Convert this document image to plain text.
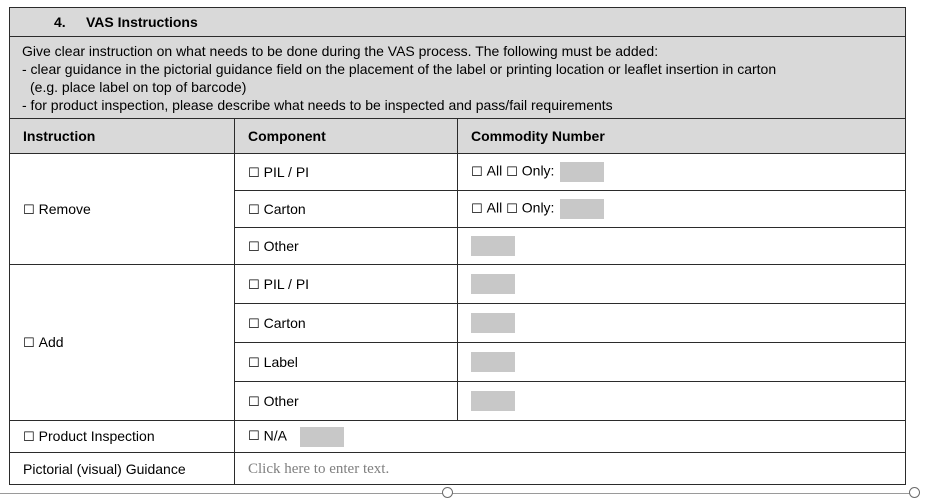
4. VAS Instructions		

Give clear instruction on what needs to be done during the VAS process. The following must be added:
- clear guidance in the pictorial guidance field on the placement of the label or printing location or leaflet insertion in carton
(e.g. place label on top of barcode)
- for product inspection, please describe what needs to be inspected and pass/fail requirements		

Instruction	Component	Commodity Number
☐ Remove	☐ PIL / PI	☐ All ☐ Only:
	☐ Carton	☐ All ☐ Only:
	☐ Other	
☐ Add	☐ PIL / PI	
	☐ Carton	
	☐ Label	
	☐ Other	
☐ Product Inspection	☐ N/A	
Pictorial (visual) Guidance	Click here to enter text.	
